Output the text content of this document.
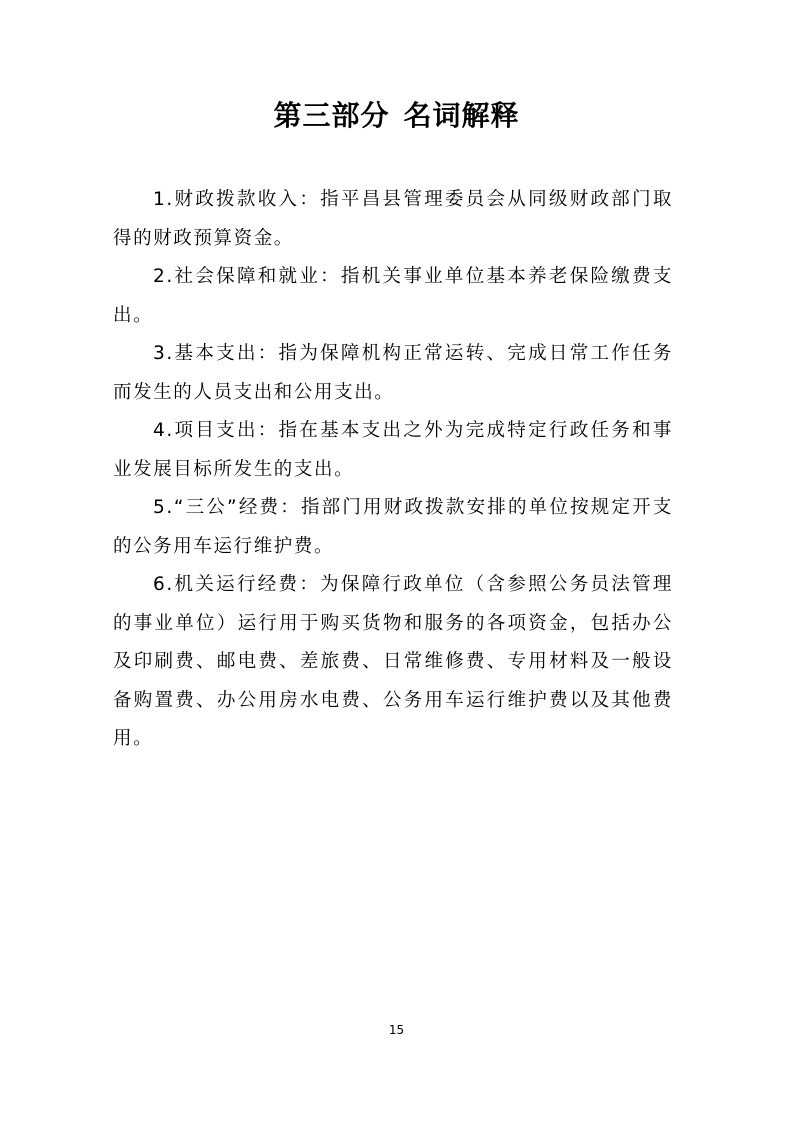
第三部分 名词解释

1.财政拨款收入：指平昌县管理委员会从同级财政部门取得的财政预算资金。

2.社会保障和就业：指机关事业单位基本养老保险缴费支出。

3.基本支出：指为保障机构正常运转、完成日常工作任务而发生的人员支出和公用支出。

4.项目支出：指在基本支出之外为完成特定行政任务和事业发展目标所发生的支出。

5.“三公”经费：指部门用财政拨款安排的单位按规定开支的公务用车运行维护费。

6.机关运行经费：为保障行政单位（含参照公务员法管理的事业单位）运行用于购买货物和服务的各项资金，包括办公及印刷费、邮电费、差旅费、日常维修费、专用材料及一般设备购置费、办公用房水电费、公务用车运行维护费以及其他费用。

15
